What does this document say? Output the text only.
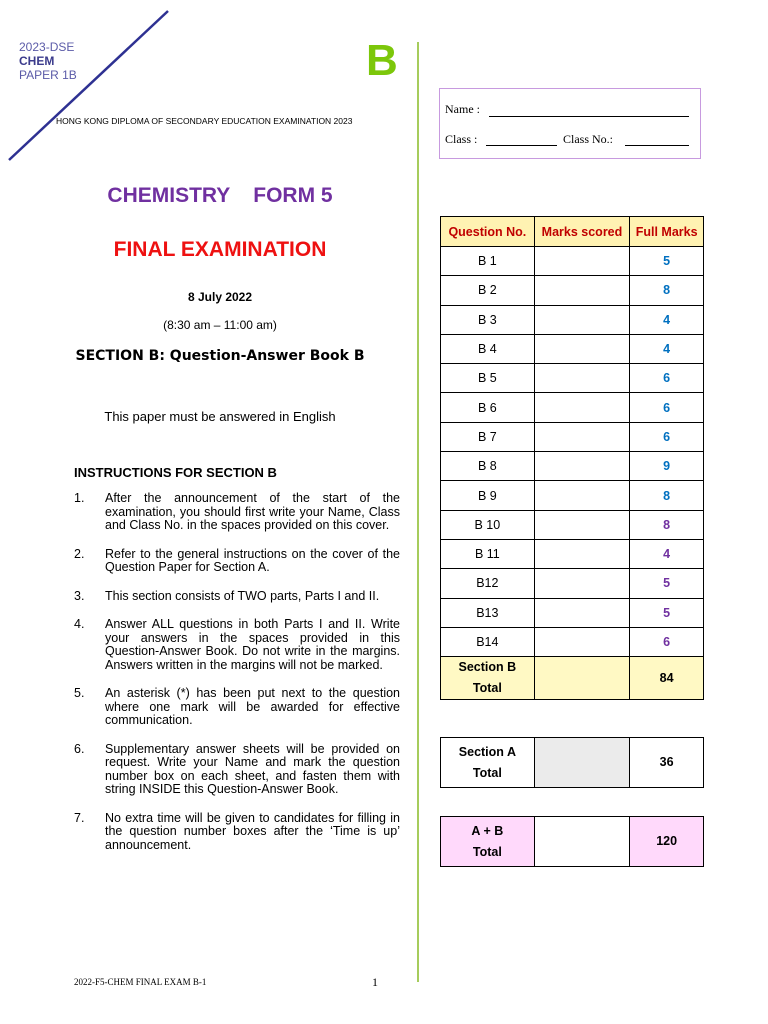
2023-DSE
CHEM
PAPER 1B	B
HONG KONG DIPLOMA OF SECONDARY EDUCATION EXAMINATION 2023
CHEMISTRY    FORM 5
FINAL EXAMINATION
8 July 2022
(8:30 am – 11:00 am)
SECTION B: Question-Answer Book B
This paper must be answered in English
INSTRUCTIONS FOR SECTION B
1. After the announcement of the start of the examination, you should first write your Name, Class and Class No. in the spaces provided on this cover.
2. Refer to the general instructions on the cover of the Question Paper for Section A.
3. This section consists of TWO parts, Parts I and II.
4. Answer ALL questions in both Parts I and II. Write your answers in the spaces provided in this Question-Answer Book. Do not write in the margins. Answers written in the margins will not be marked.
5. An asterisk (*) has been put next to the question where one mark will be awarded for effective communication.
6. Supplementary answer sheets will be provided on request. Write your Name and mark the question number box on each sheet, and fasten them with string INSIDE this Question-Answer Book.
7. No extra time will be given to candidates for filling in the question number boxes after the ‘Time is up’ announcement.
2022-F5-CHEM FINAL EXAM B-1	1
Name :
Class :	Class No.:
Question No.	Marks scored	Full Marks
B 1		5
B 2		8
B 3		4
B 4		4
B 5		6
B 6		6
B 7		6
B 8		9
B 9		8
B 10		8
B 11		4
B12		5
B13		5
B14		6
Section B
Total		84
Section A
Total		36
A + B
Total		120
